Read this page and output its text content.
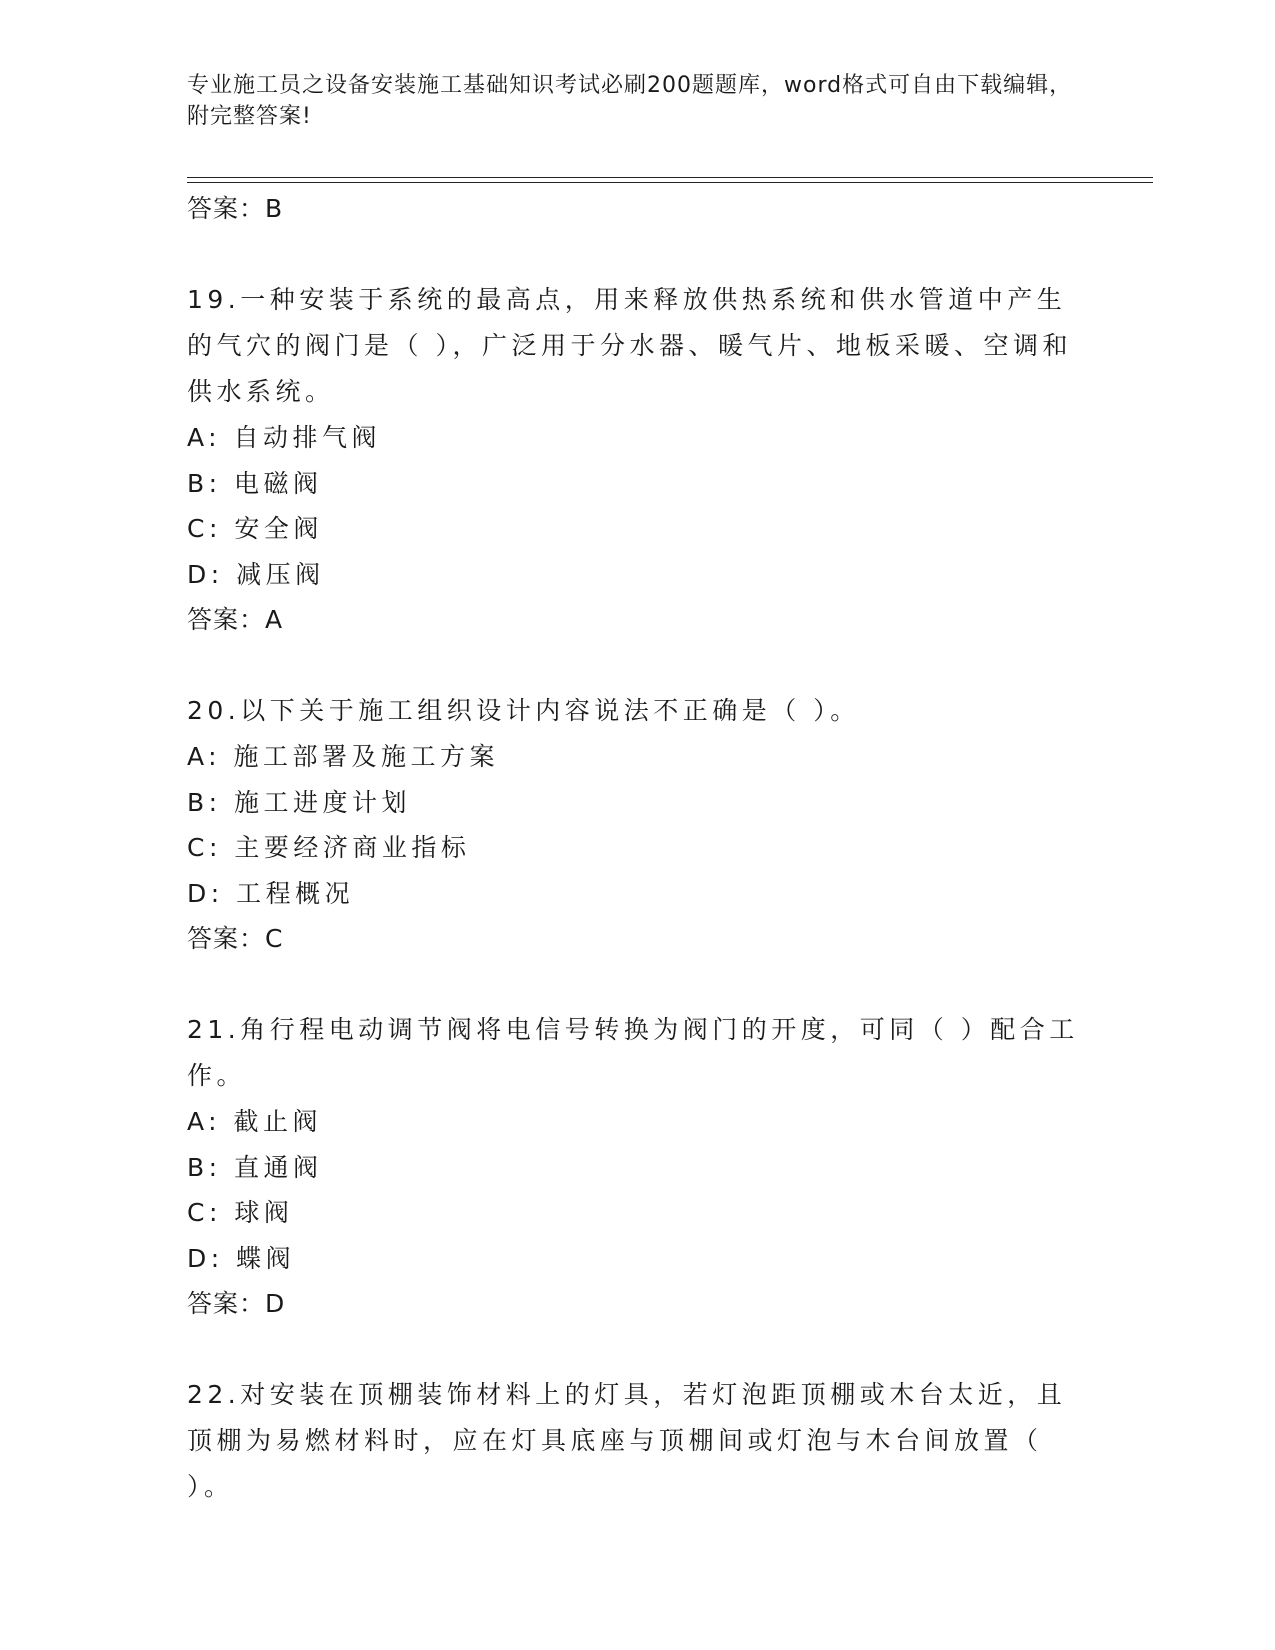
专业施工员之设备安装施工基础知识考试必刷200题题库，word格式可自由下载编辑，附完整答案!
答案：B
19.一种安装于系统的最高点，用来释放供热系统和供水管道中产生的气穴的阀门是（ ），广泛用于分水器、暖气片、地板采暖、空调和供水系统。
A: 自动排气阀
B: 电磁阀
C: 安全阀
D: 减压阀
答案：A
20.以下关于施工组织设计内容说法不正确是（ ）。
A: 施工部署及施工方案
B: 施工进度计划
C: 主要经济商业指标
D: 工程概况
答案：C
21.角行程电动调节阀将电信号转换为阀门的开度，可同（ ）配合工作。
A: 截止阀
B: 直通阀
C: 球阀
D: 蝶阀
答案：D
22.对安装在顶棚装饰材料上的灯具，若灯泡距顶棚或木台太近，且顶棚为易燃材料时，应在灯具底座与顶棚间或灯泡与木台间放置（ ）。
